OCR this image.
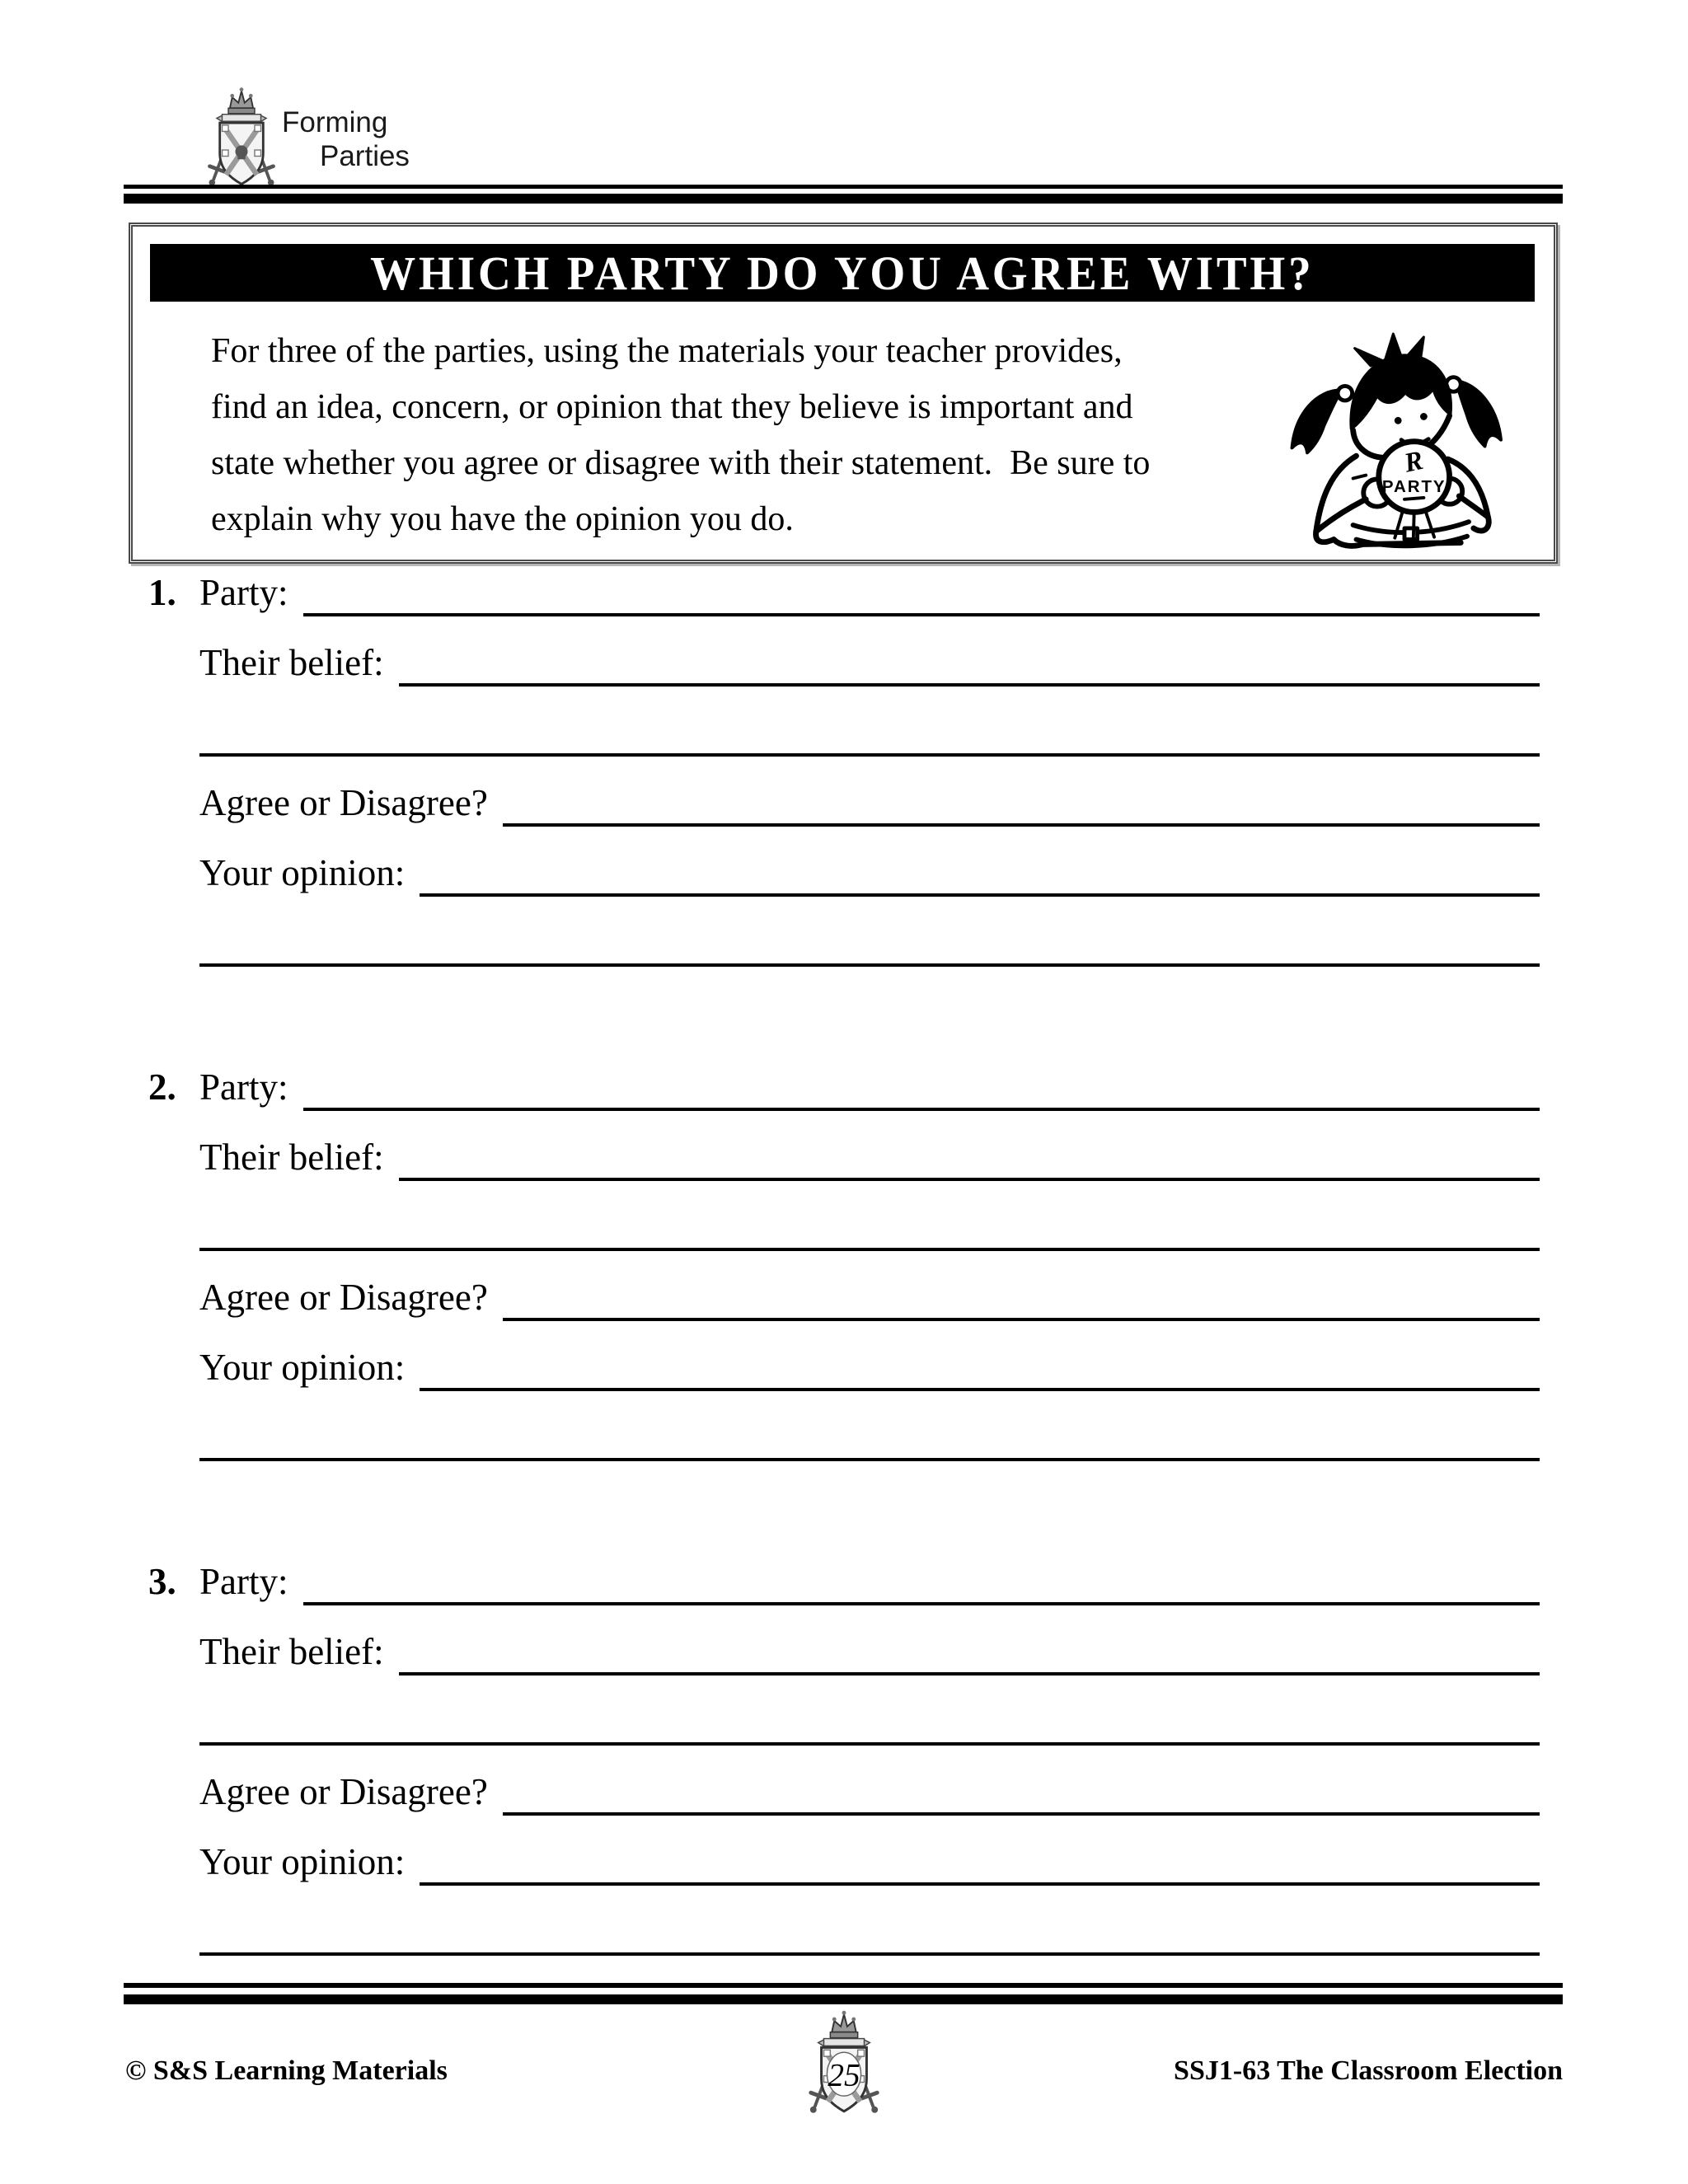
Forming
Parties
WHICH PARTY DO YOU AGREE WITH?
For three of the parties, using the materials your teacher provides,
find an idea, concern, or opinion that they believe is important and
state whether you agree or disagree with their statement.  Be sure to
explain why you have the opinion you do.
R
PARTY
1. Party:
Their belief:
Agree or Disagree?
Your opinion:
2. Party:
Their belief:
Agree or Disagree?
Your opinion:
3. Party:
Their belief:
Agree or Disagree?
Your opinion:
© S&S Learning Materials	25	SSJ1-63 The Classroom Election
